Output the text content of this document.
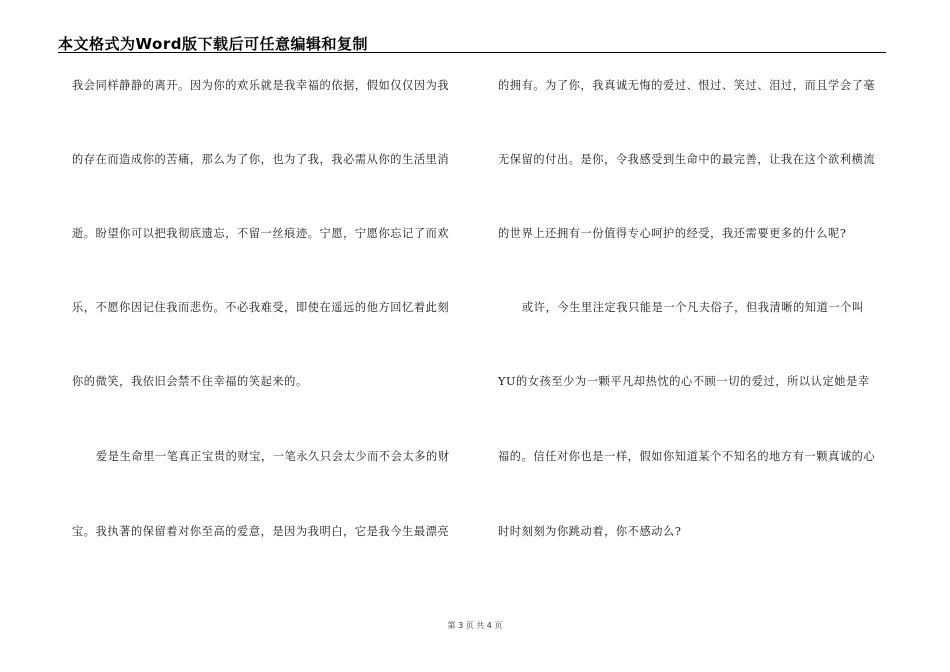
本文格式为Word版下载后可任意编辑和复制
我会同样静静的离开。因为你的欢乐就是我幸福的依据，假如仅仅因为我
的存在而造成你的苦痛，那么为了你，也为了我，我必需从你的生活里消
逝。盼望你可以把我彻底遗忘，不留一丝痕迹。宁愿，宁愿你忘记了而欢
乐，不愿你因记住我而悲伤。不必我难受，即使在遥远的他方回忆着此刻
你的微笑，我依旧会禁不住幸福的笑起来的。
爱是生命里一笔真正宝贵的财宝，一笔永久只会太少而不会太多的财
宝。我执著的保留着对你至高的爱意，是因为我明白，它是我今生最漂亮
的拥有。为了你，我真诚无悔的爱过、恨过、笑过、泪过，而且学会了毫
无保留的付出。是你，令我感受到生命中的最完善，让我在这个欲利横流
的世界上还拥有一份值得专心呵护的经受，我还需要更多的什么呢?
或许，今生里注定我只能是一个凡夫俗子，但我清晰的知道一个叫
YU的女孩至少为一颗平凡却热忱的心不顾一切的爱过，所以认定她是幸
福的。信任对你也是一样，假如你知道某个不知名的地方有一颗真诚的心
时时刻刻为你跳动着，你不感动么?
第 3 页 共 4 页
